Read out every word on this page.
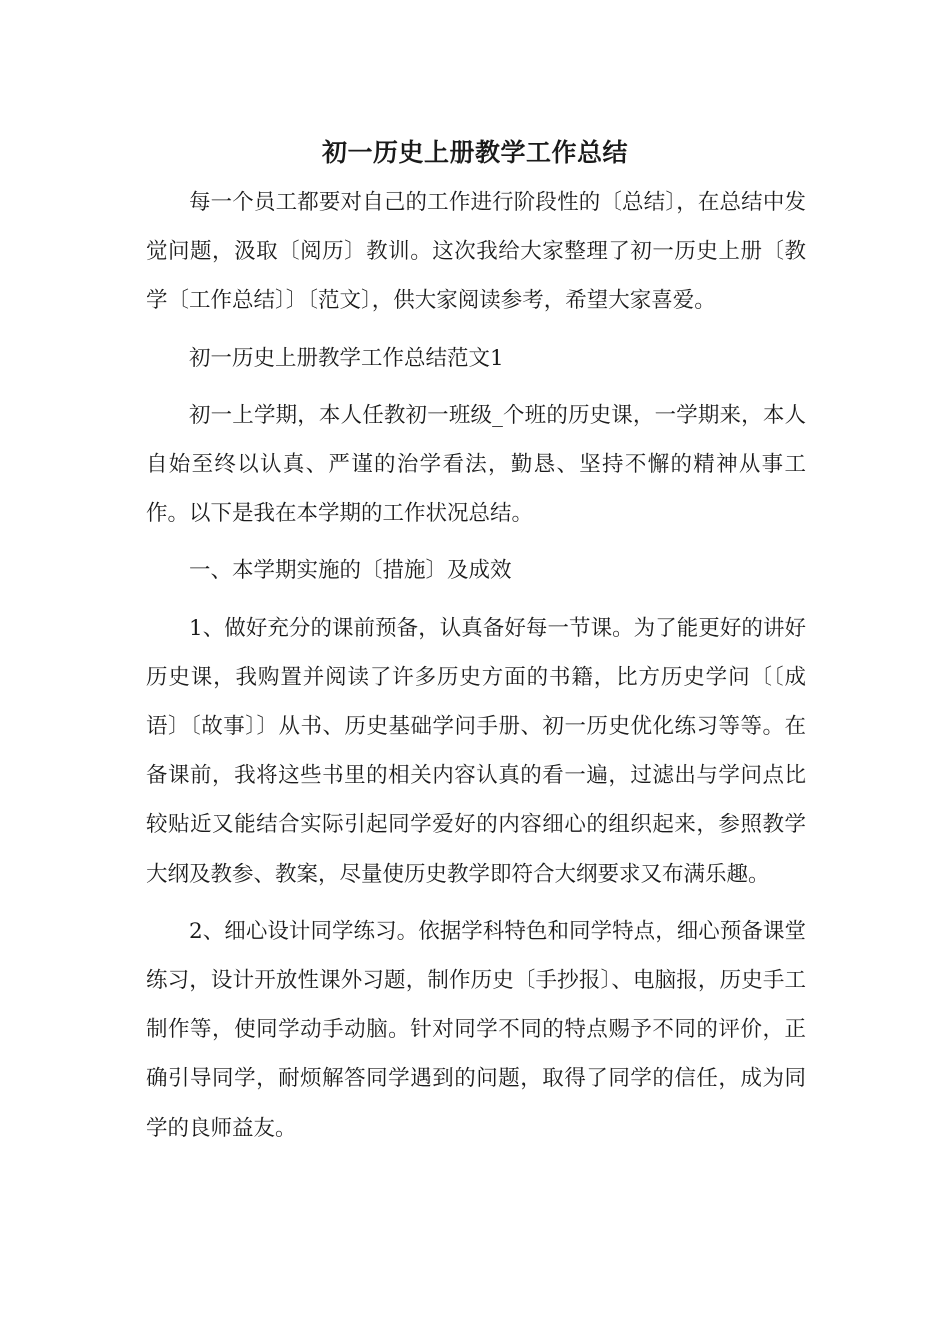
初一历史上册教学工作总结

每一个员工都要对自己的工作进行阶段性的〔总结〕，在总结中发觉问题，汲取〔阅历〕教训。这次我给大家整理了初一历史上册〔教学〔工作总结〕〕〔范文〕，供大家阅读参考，希望大家喜爱。

初一历史上册教学工作总结范文1

初一上学期，本人任教初一班级_个班的历史课，一学期来，本人自始至终以认真、严谨的治学看法，勤恳、坚持不懈的精神从事工作。以下是我在本学期的工作状况总结。

一、本学期实施的〔措施〕及成效

1、做好充分的课前预备，认真备好每一节课。为了能更好的讲好历史课，我购置并阅读了许多历史方面的书籍，比方历史学问〔〔成语〕〔故事〕〕从书、历史基础学问手册、初一历史优化练习等等。在备课前，我将这些书里的相关内容认真的看一遍，过滤出与学问点比较贴近又能结合实际引起同学爱好的内容细心的组织起来，参照教学大纲及教参、教案，尽量使历史教学即符合大纲要求又布满乐趣。

2、细心设计同学练习。依据学科特色和同学特点，细心预备课堂练习，设计开放性课外习题，制作历史〔手抄报〕、电脑报，历史手工制作等，使同学动手动脑。针对同学不同的特点赐予不同的评价，正确引导同学，耐烦解答同学遇到的问题，取得了同学的信任，成为同学的良师益友。
